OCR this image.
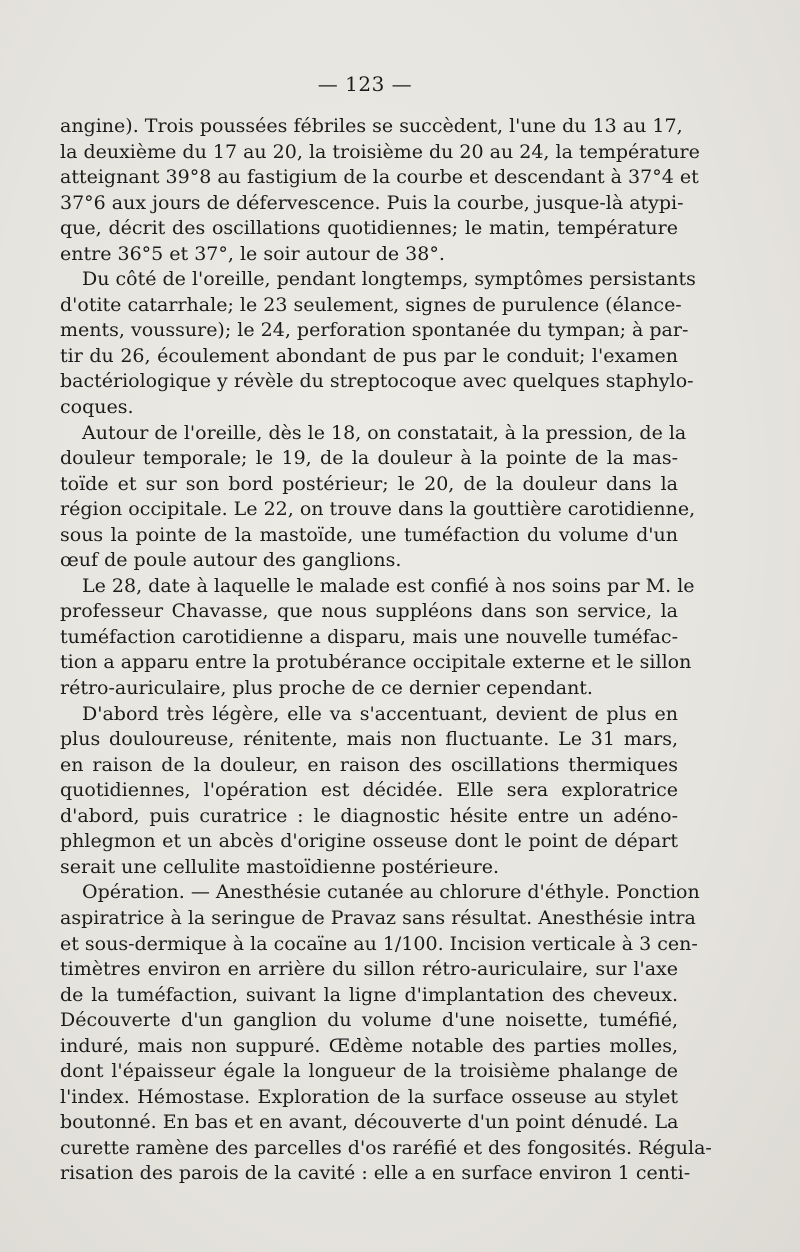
— 123 —
angine). Trois poussées fébriles se succèdent, l'une du 13 au 17,
la deuxième du 17 au 20, la troisième du 20 au 24, la température
atteignant 39°8 au fastigium de la courbe et descendant à 37°4 et
37°6 aux jours de défervescence. Puis la courbe, jusque-là atypi-
que, décrit des oscillations quotidiennes; le matin, température
entre 36°5 et 37°, le soir autour de 38°.
Du côté de l'oreille, pendant longtemps, symptômes persistants
d'otite catarrhale; le 23 seulement, signes de purulence (élance-
ments, voussure); le 24, perforation spontanée du tympan; à par-
tir du 26, écoulement abondant de pus par le conduit; l'examen
bactériologique y révèle du streptocoque avec quelques staphylo-
coques.
Autour de l'oreille, dès le 18, on constatait, à la pression, de la
douleur temporale; le 19, de la douleur à la pointe de la mas-
toïde et sur son bord postérieur; le 20, de la douleur dans la
région occipitale. Le 22, on trouve dans la gouttière carotidienne,
sous la pointe de la mastoïde, une tuméfaction du volume d'un
œuf de poule autour des ganglions.
Le 28, date à laquelle le malade est confié à nos soins par M. le
professeur Chavasse, que nous suppléons dans son service, la
tuméfaction carotidienne a disparu, mais une nouvelle tuméfac-
tion a apparu entre la protubérance occipitale externe et le sillon
rétro-auriculaire, plus proche de ce dernier cependant.
D'abord très légère, elle va s'accentuant, devient de plus en
plus douloureuse, rénitente, mais non fluctuante. Le 31 mars,
en raison de la douleur, en raison des oscillations thermiques
quotidiennes, l'opération est décidée. Elle sera exploratrice
d'abord, puis curatrice : le diagnostic hésite entre un adéno-
phlegmon et un abcès d'origine osseuse dont le point de départ
serait une cellulite mastoïdienne postérieure.
Opération. — Anesthésie cutanée au chlorure d'éthyle. Ponction
aspiratrice à la seringue de Pravaz sans résultat. Anesthésie intra
et sous-dermique à la cocaïne au 1/100. Incision verticale à 3 cen-
timètres environ en arrière du sillon rétro-auriculaire, sur l'axe
de la tuméfaction, suivant la ligne d'implantation des cheveux.
Découverte d'un ganglion du volume d'une noisette, tuméfié,
induré, mais non suppuré. Œdème notable des parties molles,
dont l'épaisseur égale la longueur de la troisième phalange de
l'index. Hémostase. Exploration de la surface osseuse au stylet
boutonné. En bas et en avant, découverte d'un point dénudé. La
curette ramène des parcelles d'os raréfié et des fongosités. Régula-
risation des parois de la cavité : elle a en surface environ 1 centi-
